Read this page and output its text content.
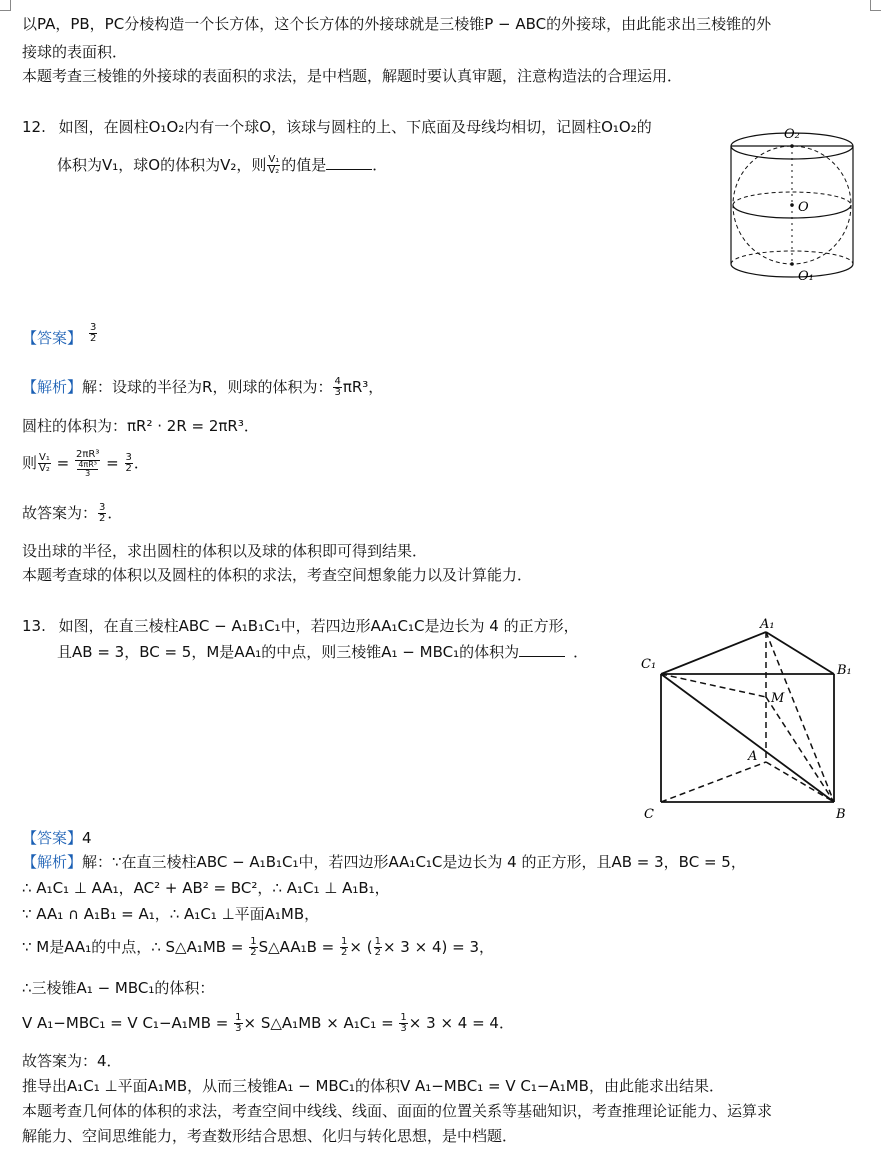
以PA，PB，PC分棱构造一个长方体，这个长方体的外接球就是三棱锥P − ABC的外接球，由此能求出三棱锥的外
接球的表面积．
本题考查三棱锥的外接球的表面积的求法，是中档题，解题时要认真审题，注意构造法的合理运用．
12. 如图，在圆柱O₁O₂内有一个球O，该球与圆柱的上、下底面及母线均相切，记圆柱O₁O₂的
体积为V₁，球O的体积为V₂，则 $\frac{\text{V₁}}{\text{V₂}}$ 的值是	．
O₂
O
O₁
【答案】 $\frac{3}{2}$
【解析】解：设球的半径为R，则球的体积为： $\frac{4}{3} \pi R^3$，
圆柱的体积为：πR² · 2R = 2πR³．
则 $\frac{\text{V₁}}{\text{V₂}} = \frac{\text{2πR³}}{\frac{\text{4πR³}}{3}} = \frac{3}{2}$ ．
故答案为： $\frac{3}{2}$ ．
设出球的半径，求出圆柱的体积以及球的体积即可得到结果．
本题考查球的体积以及圆柱的体积的求法，考查空间想象能力以及计算能力．
13. 如图，在直三棱柱ABC − A₁B₁C₁中，若四边形AA₁C₁C是边长为 4 的正方形，
且AB = 3，BC = 5，M是AA₁的中点，则三棱锥A₁ − MBC₁的体积为	．
A₁
B₁
C₁
M
A
B
C
【答案】4
【解析】解：∵在直三棱柱ABC − A₁B₁C₁中，若四边形AA₁C₁C是边长为 4 的正方形，且AB = 3，BC = 5，
∴ A₁C₁ ⊥ AA₁，AC² + AB² = BC²，∴ A₁C₁ ⊥ A₁B₁，
∵ AA₁ ∩ A₁B₁ = A₁，∴ A₁C₁ ⊥平面A₁MB，
∵ M是AA₁的中点，∴ S△A₁MB = $\frac{1}{2}$ S△AA₁B = $\frac{1}{2}$ × ( $\frac{1}{2} \times 3 \times 4) = 3$，
∴三棱锥A₁ − MBC₁的体积：
V A₁−MBC₁ = V $C_1-A_1MB = \frac{1}{3}$ × S△A₁MB × $A_1C_1 = \frac{1}{3} \times 3 \times 4 = 4$．
故答案为：4．
推导出A₁C₁ ⊥平面A₁MB，从而三棱锥A₁ − MBC₁的体积V A₁−MBC₁ = V C₁−A₁MB，由此能求出结果．
本题考查几何体的体积的求法，考查空间中线线、线面、面面的位置关系等基础知识，考查推理论证能力、运算求
解能力、空间思维能力，考查数形结合思想、化归与转化思想，是中档题．
